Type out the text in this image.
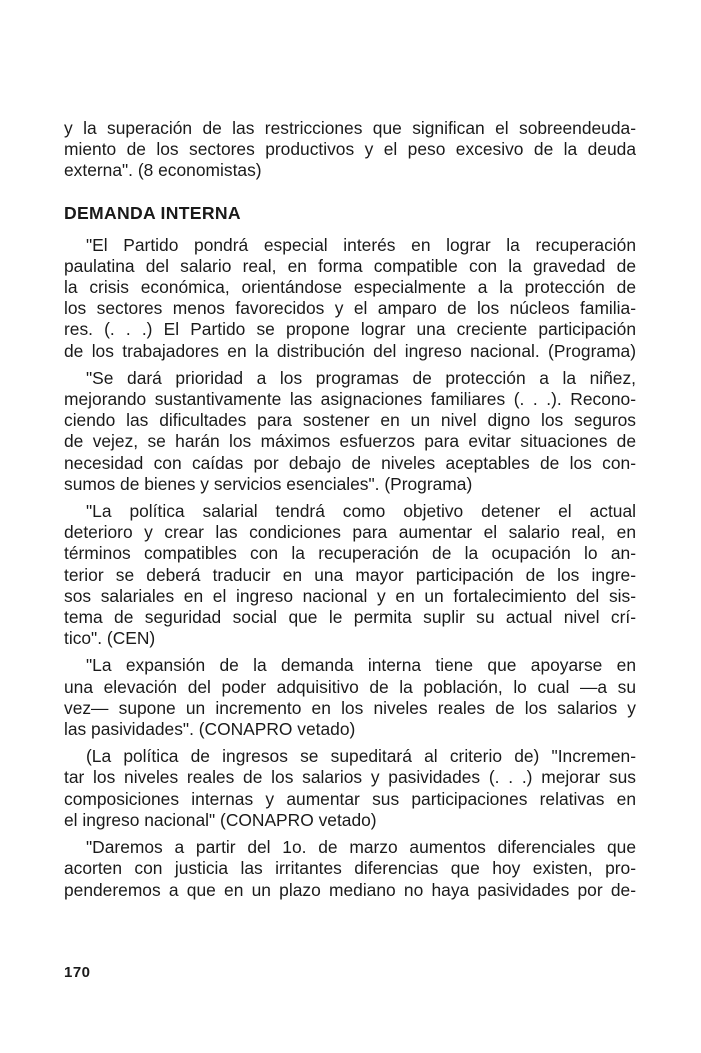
y la superación de las restricciones que significan el sobreendeuda-
miento de los sectores productivos y el peso excesivo de la deuda
externa". (8 economistas)
DEMANDA INTERNA
"El Partido pondrá especial interés en lograr la recuperación
paulatina del salario real, en forma compatible con la gravedad de
la crisis económica, orientándose especialmente a la protección de
los sectores menos favorecidos y el amparo de los núcleos familia-
res. (. . .) El Partido se propone lograr una creciente participación
de los trabajadores en la distribución del ingreso nacional. (Programa)
"Se dará prioridad a los programas de protección a la niñez,
mejorando sustantivamente las asignaciones familiares (. . .). Recono-
ciendo las dificultades para sostener en un nivel digno los seguros
de vejez, se harán los máximos esfuerzos para evitar situaciones de
necesidad con caídas por debajo de niveles aceptables de los con-
sumos de bienes y servicios esenciales". (Programa)
"La política salarial tendrá como objetivo detener el actual
deterioro y crear las condiciones para aumentar el salario real, en
términos compatibles con la recuperación de la ocupación lo an-
terior se deberá traducir en una mayor participación de los ingre-
sos salariales en el ingreso nacional y en un fortalecimiento del sis-
tema de seguridad social que le permita suplir su actual nivel crí-
tico". (CEN)
"La expansión de la demanda interna tiene que apoyarse en
una elevación del poder adquisitivo de la población, lo cual —a su
vez— supone un incremento en los niveles reales de los salarios y
las pasividades". (CONAPRO vetado)
(La política de ingresos se supeditará al criterio de) "Incremen-
tar los niveles reales de los salarios y pasividades (. . .) mejorar sus
composiciones internas y aumentar sus participaciones relativas en
el ingreso nacional" (CONAPRO vetado)
"Daremos a partir del 1o. de marzo aumentos diferenciales que
acorten con justicia las irritantes diferencias que hoy existen, pro-
penderemos a que en un plazo mediano no haya pasividades por de-
170
